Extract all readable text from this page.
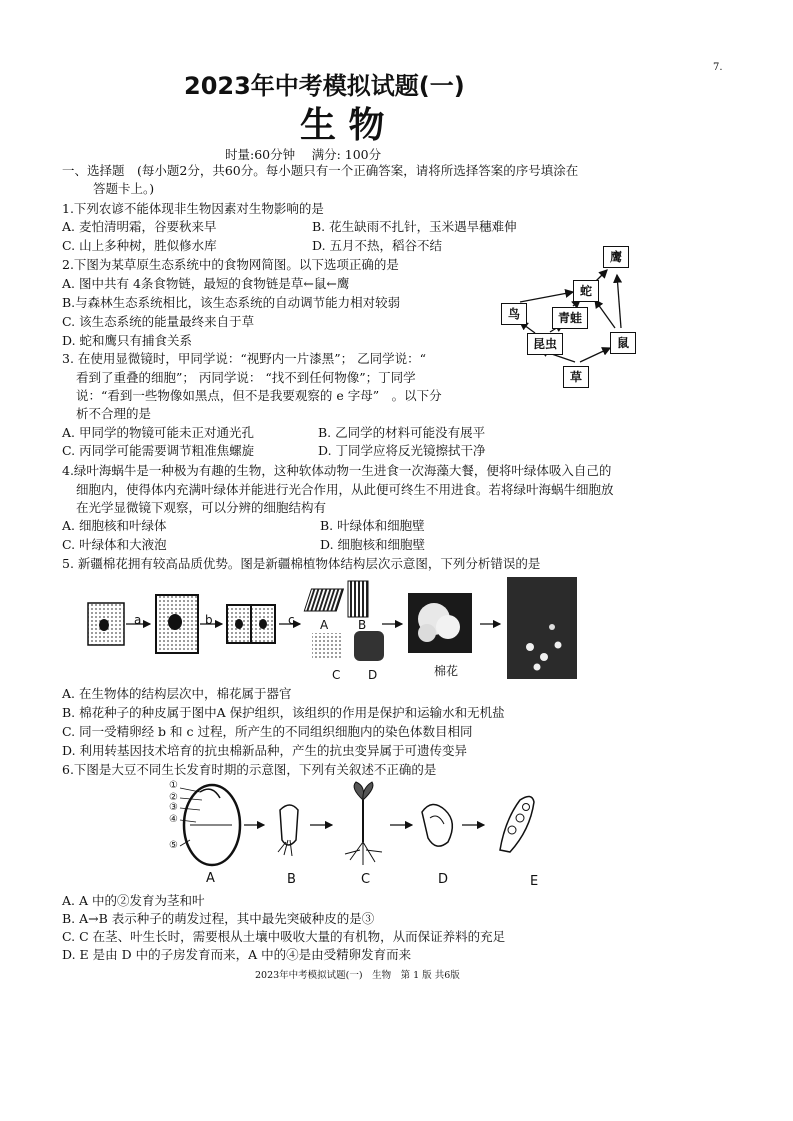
7.
2023年中考模拟试题(一)
生 物
时量:60分钟　 满分: 100分
一、选择题　(每小题2分，共60分。每小题只有一个正确答案，请将所选择答案的序号填涂在
答题卡上。)
1.下列农谚不能体现非生物因素对生物影响的是
A. 麦怕清明霜，谷要秋来早	B. 花生缺雨不扎针，玉米遇旱穗难伸
C. 山上多种树，胜似修水库	D. 五月不热，稻谷不结
2.下图为某草原生态系统中的食物网简图。以下选项正确的是
A. 图中共有 4条食物链，最短的食物链是草←鼠←鹰
B.与森林生态系统相比，该生态系统的自动调节能力相对较弱
C. 该生态系统的能量最终来自于草
D. 蛇和鹰只有捕食关系
鹰
蛇
鸟	青蛙
昆虫	鼠
草
3. 在使用显微镜时，甲同学说：“视野内一片漆黑”； 乙同学说：“
看到了重叠的细胞”； 丙同学说： “找不到任何物像”；丁同学
说：“看到一些物像如黑点，但不是我要观察的 e 字母”　。以下分
析不合理的是
A. 甲同学的物镜可能未正对通光孔	B. 乙同学的材料可能没有展平
C. 丙同学可能需要调节粗准焦螺旋	D. 丁同学应将反光镜擦拭干净
4.绿叶海蜗牛是一种极为有趣的生物，这种软体动物一生进食一次海藻大餐，便将叶绿体吸入自己的
细胞内，使得体内充满叶绿体并能进行光合作用，从此便可终生不用进食。若将绿叶海蜗牛细胞放
在光学显微镜下观察，可以分辨的细胞结构有
A. 细胞核和叶绿体	B. 叶绿体和细胞壁
C. 叶绿体和大液泡	D. 细胞核和细胞壁
5. 新疆棉花拥有较高品质优势。图是新疆棉植物体结构层次示意图，下列分析错误的是
a	b	c A B
C D	棉花
A. 在生物体的结构层次中，棉花属于器官
B. 棉花种子的种皮属于图中A 保护组织，该组织的作用是保护和运输水和无机盐
C. 同一受精卵经 b 和 c 过程，所产生的不同组织细胞内的染色体数目相同
D. 利用转基因技术培育的抗虫棉新品种，产生的抗虫变异属于可遗传变异
6.下图是大豆不同生长发育时期的示意图，下列有关叙述不正确的是
①
②
③
④
⑤
A	B	C	D	E
A. A 中的②发育为茎和叶
B. A→B 表示种子的萌发过程，其中最先突破种皮的是③
C. C 在茎、叶生长时，需要根从土壤中吸收大量的有机物，从而保证养料的充足
D. E 是由 D 中的子房发育而来，A 中的④是由受精卵发育而来
2023年中考模拟试题(一)　生物　第 1 版 共6版
